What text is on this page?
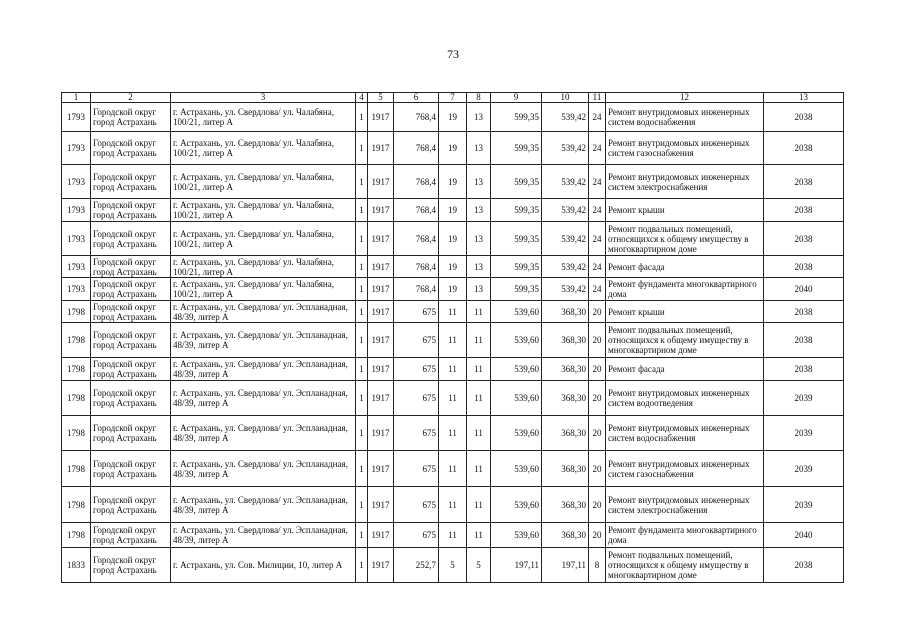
73
1	2	3	4	5	6	7	8	9	10	11	12	13
1793	Городской округ город Астрахань	г. Астрахань, ул. Свердлова/ ул. Чалабяна, 100/21, литер А	1	1917	768,4	19	13	599,35	539,42	24	Ремонт внутридомовых инженерных систем водоснабжения	2038
1793	Городской округ город Астрахань	г. Астрахань, ул. Свердлова/ ул. Чалабяна, 100/21, литер А	1	1917	768,4	19	13	599,35	539,42	24	Ремонт внутридомовых инженерных систем газоснабжения	2038
1793	Городской округ город Астрахань	г. Астрахань, ул. Свердлова/ ул. Чалабяна, 100/21, литер А	1	1917	768,4	19	13	599,35	539,42	24	Ремонт внутридомовых инженерных систем электроснабжения	2038
1793	Городской округ город Астрахань	г. Астрахань, ул. Свердлова/ ул. Чалабяна, 100/21, литер А	1	1917	768,4	19	13	599,35	539,42	24	Ремонт крыши	2038
1793	Городской округ город Астрахань	г. Астрахань, ул. Свердлова/ ул. Чалабяна, 100/21, литер А	1	1917	768,4	19	13	599,35	539,42	24	Ремонт подвальных помещений, относящихся к общему имуществу в многоквартирном доме	2038
1793	Городской округ город Астрахань	г. Астрахань, ул. Свердлова/ ул. Чалабяна, 100/21, литер А	1	1917	768,4	19	13	599,35	539,42	24	Ремонт фасада	2038
1793	Городской округ город Астрахань	г. Астрахань, ул. Свердлова/ ул. Чалабяна, 100/21, литер А	1	1917	768,4	19	13	599,35	539,42	24	Ремонт фундамента многоквартирного дома	2040
1798	Городской округ город Астрахань	г. Астрахань, ул. Свердлова/ ул. Эспланадная, 48/39, литер А	1	1917	675	11	11	539,60	368,30	20	Ремонт крыши	2038
1798	Городской округ город Астрахань	г. Астрахань, ул. Свердлова/ ул. Эспланадная, 48/39, литер А	1	1917	675	11	11	539,60	368,30	20	Ремонт подвальных помещений, относящихся к общему имуществу в многоквартирном доме	2038
1798	Городской округ город Астрахань	г. Астрахань, ул. Свердлова/ ул. Эспланадная, 48/39, литер А	1	1917	675	11	11	539,60	368,30	20	Ремонт фасада	2038
1798	Городской округ город Астрахань	г. Астрахань, ул. Свердлова/ ул. Эспланадная, 48/39, литер А	1	1917	675	11	11	539,60	368,30	20	Ремонт внутридомовых инженерных систем водоотведения	2039
1798	Городской округ город Астрахань	г. Астрахань, ул. Свердлова/ ул. Эспланадная, 48/39, литер А	1	1917	675	11	11	539,60	368,30	20	Ремонт внутридомовых инженерных систем водоснабжения	2039
1798	Городской округ город Астрахань	г. Астрахань, ул. Свердлова/ ул. Эспланадная, 48/39, литер А	1	1917	675	11	11	539,60	368,30	20	Ремонт внутридомовых инженерных систем газоснабжения	2039
1798	Городской округ город Астрахань	г. Астрахань, ул. Свердлова/ ул. Эспланадная, 48/39, литер А	1	1917	675	11	11	539,60	368,30	20	Ремонт внутридомовых инженерных систем электроснабжения	2039
1798	Городской округ город Астрахань	г. Астрахань, ул. Свердлова/ ул. Эспланадная, 48/39, литер А	1	1917	675	11	11	539,60	368,30	20	Ремонт фундамента многоквартирного дома	2040
1833	Городской округ город Астрахань	г. Астрахань, ул. Сов. Милиции, 10, литер А	1	1917	252,7	5	5	197,11	197,11	8	Ремонт подвальных помещений, относящихся к общему имуществу в многоквартирном доме	2038
